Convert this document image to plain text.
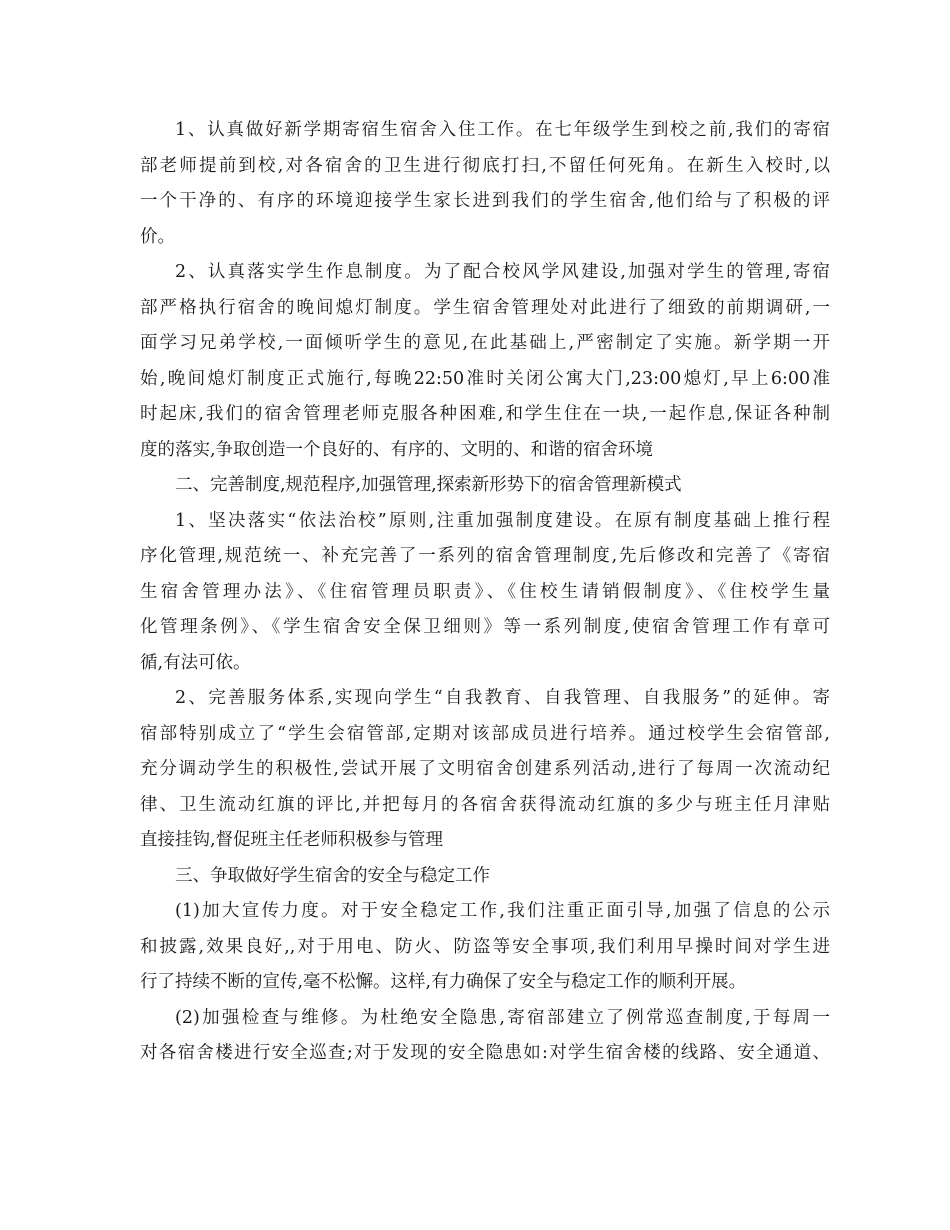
1、认真做好新学期寄宿生宿舍入住工作。在七年级学生到校之前,我们的寄宿
部老师提前到校,对各宿舍的卫生进行彻底打扫,不留任何死角。在新生入校时,以
一个干净的、有序的环境迎接学生家长进到我们的学生宿舍,他们给与了积极的评
价。
2、认真落实学生作息制度。为了配合校风学风建设,加强对学生的管理,寄宿
部严格执行宿舍的晚间熄灯制度。学生宿舍管理处对此进行了细致的前期调研,一
面学习兄弟学校,一面倾听学生的意见,在此基础上,严密制定了实施。新学期一开
始,晚间熄灯制度正式施行,每晚22:50准时关闭公寓大门,23:00熄灯,早上6:00准
时起床,我们的宿舍管理老师克服各种困难,和学生住在一块,一起作息,保证各种制
度的落实,争取创造一个良好的、有序的、文明的、和谐的宿舍环境
二、完善制度,规范程序,加强管理,探索新形势下的宿舍管理新模式
1、坚决落实“依法治校”原则,注重加强制度建设。在原有制度基础上推行程
序化管理,规范统一、补充完善了一系列的宿舍管理制度,先后修改和完善了《寄宿
生宿舍管理办法》、《住宿管理员职责》、《住校生请销假制度》、《住校学生量
化管理条例》、《学生宿舍安全保卫细则》等一系列制度,使宿舍管理工作有章可
循,有法可依。
2、完善服务体系,实现向学生“自我教育、自我管理、自我服务”的延伸。寄
宿部特别成立了“学生会宿管部,定期对该部成员进行培养。通过校学生会宿管部,
充分调动学生的积极性,尝试开展了文明宿舍创建系列活动,进行了每周一次流动纪
律、卫生流动红旗的评比,并把每月的各宿舍获得流动红旗的多少与班主任月津贴
直接挂钩,督促班主任老师积极参与管理
三、争取做好学生宿舍的安全与稳定工作
(1)加大宣传力度。对于安全稳定工作,我们注重正面引导,加强了信息的公示
和披露,效果良好,,对于用电、防火、防盗等安全事项,我们利用早操时间对学生进
行了持续不断的宣传,毫不松懈。这样,有力确保了安全与稳定工作的顺利开展。
(2)加强检查与维修。为杜绝安全隐患,寄宿部建立了例常巡查制度,于每周一
对各宿舍楼进行安全巡查;对于发现的安全隐患如:对学生宿舍楼的线路、安全通道、
